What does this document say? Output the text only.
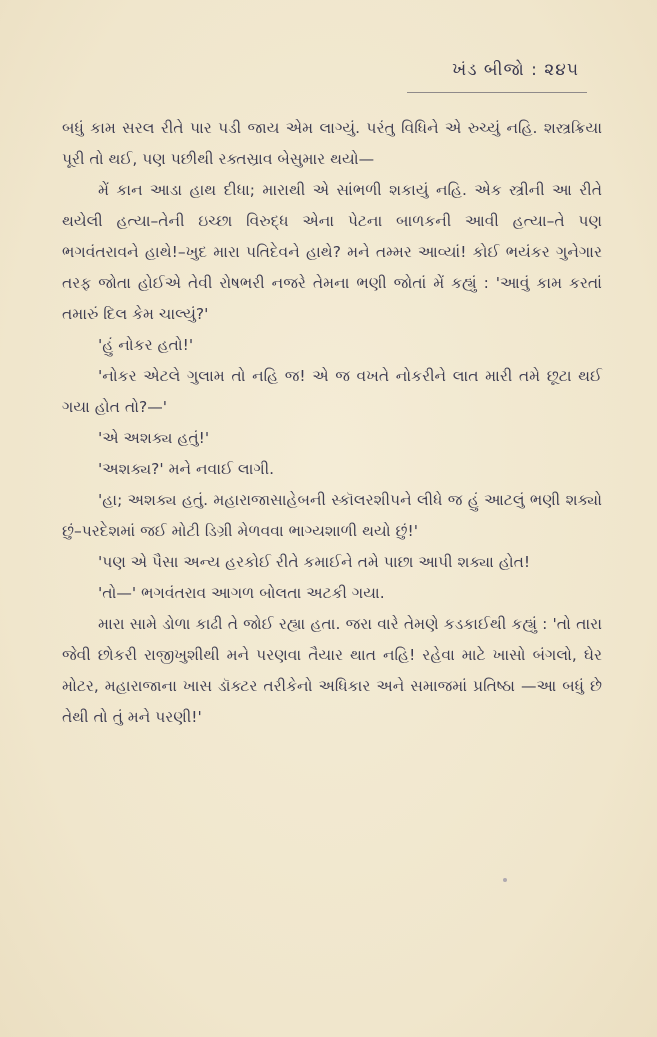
ખંડ બીજો : ૨૪૫

બધું કામ સરલ રીતે પાર પડી જાય એમ લાગ્યું. પરંતુ વિધિને એ રુચ્યું નહિ. શસ્ત્રક્રિયા પૂરી તો થઈ, પણ પછીથી રક્તસ્રાવ બેસુમાર થયો—

મેં કાન આડા હાથ દીધા; મારાથી એ સાંભળી શકાયું નહિ. એક સ્ત્રીની આ રીતે થયેલી હત્યા–તેની ઇચ્છા વિરુદ્ધ એના પેટના બાળકની આવી હત્યા–તે પણ ભગવંતરાવને હાથે!–ખુદ મારા પતિદેવને હાથે? મને તમ્મર આવ્યાં! કોઈ ભયંકર ગુનેગાર તરફ જોતા હોઈએ તેવી રોષભરી નજરે તેમના ભણી જોતાં મેં કહ્યું : 'આવું કામ કરતાં તમારું દિલ કેમ ચાલ્યું?'

'હું નોકર હતો!'

'નોકર એટલે ગુલામ તો નહિ જ! એ જ વખતે નોકરીને લાત મારી તમે છૂટા થઈ ગયા હોત તો?—'

'એ અશક્ય હતું!'

'અશક્ય?' મને નવાઈ લાગી.

'હા; અશક્ય હતું. મહારાજાસાહેબની સ્કૉલરશીપને લીધે જ હું આટલું ભણી શક્યો છું–પરદેશમાં જઈ મોટી ડિગ્રી મેળવવા ભાગ્યશાળી થયો છું!'

'પણ એ પૈસા અન્ય હરકોઈ રીતે કમાઈને તમે પાછા આપી શક્યા હોત!

'તો—' ભગવંતરાવ આગળ બોલતા અટકી ગયા.

મારા સામે ડોળા કાઢી તે જોઈ રહ્યા હતા. જરા વારે તેમણે કડકાઈથી કહ્યું : 'તો તારા જેવી છોકરી રાજીખુશીથી મને પરણવા તૈયાર થાત નહિ! રહેવા માટે ખાસો બંગલો, ઘેર મોટર, મહારાજાના ખાસ ડૉક્ટર તરીકેનો અધિકાર અને સમાજમાં પ્રતિષ્ઠા —આ બધું છે તેથી તો તું મને પરણી!'
